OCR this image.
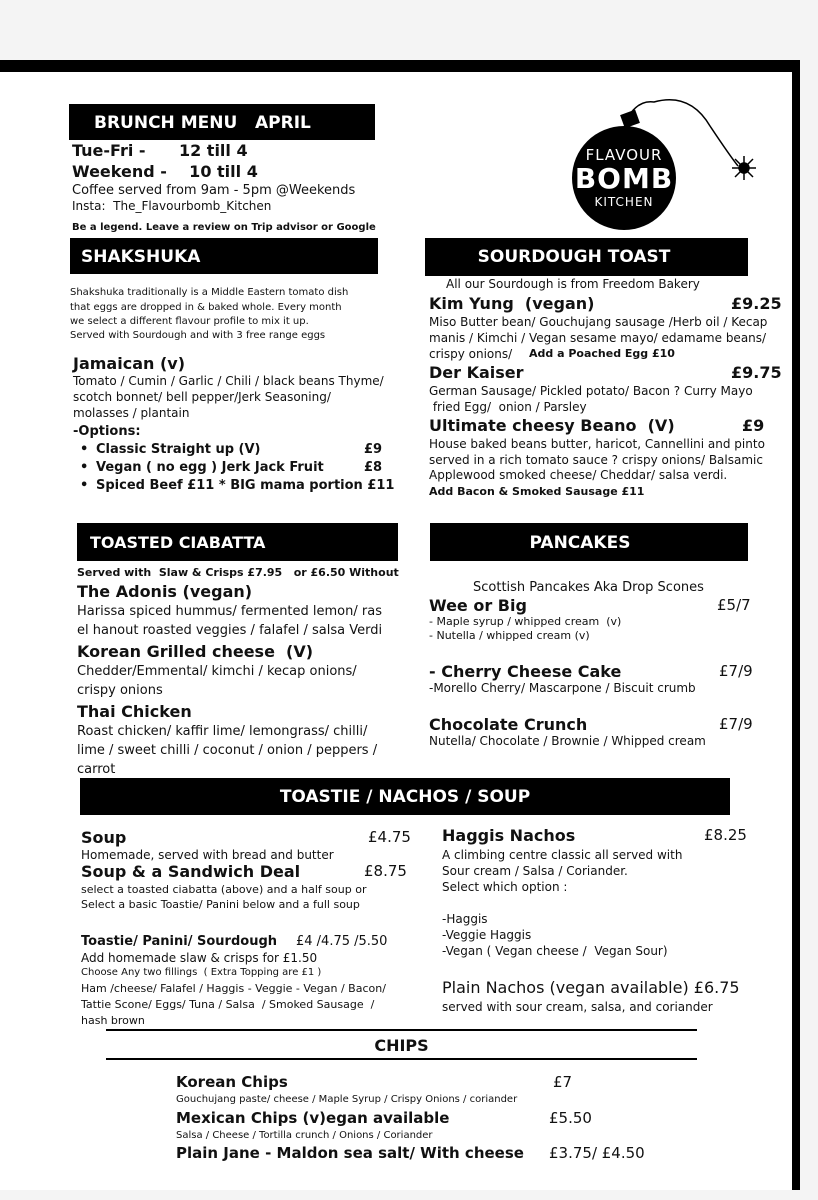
BRUNCH MENU   APRIL
Tue-Fri -      12 till 4
Weekend -    10 till 4
Coffee served from 9am - 5pm @Weekends
Insta:  The_Flavourbomb_Kitchen
Be a legend. Leave a review on Trip advisor or Google
FLAVOUR
BOMB
KITCHEN
SHAKSHUKA
Shakshuka traditionally is a Middle Eastern tomato dish
that eggs are dropped in & baked whole. Every month
we select a different flavour profile to mix it up.
Served with Sourdough and with 3 free range eggs
Jamaican (v)
Tomato / Cumin / Garlic / Chili / black beans Thyme/
scotch bonnet/ bell pepper/Jerk Seasoning/
molasses / plantain
-Options:
• Classic Straight up (V)	£9
• Vegan ( no egg ) Jerk Jack Fruit	£8
• Spiced Beef £11 * BIG mama portion £11
SOURDOUGH TOAST
All our Sourdough is from Freedom Bakery
Kim Yung  (vegan)	£9.25
Miso Butter bean/ Gouchujang sausage /Herb oil / Kecap
manis / Kimchi / Vegan sesame mayo/ edamame beans/
crispy onions/ Add a Poached Egg £10
Der Kaiser	£9.75
German Sausage/ Pickled potato/ Bacon ? Curry Mayo
fried Egg/  onion / Parsley
Ultimate cheesy Beano  (V)	£9
House baked beans butter, haricot, Cannellini and pinto
served in a rich tomato sauce ? crispy onions/ Balsamic
Applewood smoked cheese/ Cheddar/ salsa verdi.
Add Bacon & Smoked Sausage £11
TOASTED CIABATTA
Served with  Slaw & Crisps £7.95   or £6.50 Without
The Adonis (vegan)
Harissa spiced hummus/ fermented lemon/ ras
el hanout roasted veggies / falafel / salsa Verdi
Korean Grilled cheese  (V)
Chedder/Emmental/ kimchi / kecap onions/
crispy onions
Thai Chicken
Roast chicken/ kaffir lime/ lemongrass/ chilli/
lime / sweet chilli / coconut / onion / peppers /
carrot
PANCAKES
Scottish Pancakes Aka Drop Scones
Wee or Big	£5/7
- Maple syrup / whipped cream  (v)
- Nutella / whipped cream (v)
- Cherry Cheese Cake	£7/9
-Morello Cherry/ Mascarpone / Biscuit crumb
Chocolate Crunch	£7/9
Nutella/ Chocolate / Brownie / Whipped cream
TOASTIE / NACHOS / SOUP
Soup	£4.75
Homemade, served with bread and butter
Soup & a Sandwich Deal	£8.75
select a toasted ciabatta (above) and a half soup or
Select a basic Toastie/ Panini below and a full soup
Toastie/ Panini/ Sourdough £4 /4.75 /5.50
Add homemade slaw & crisps for £1.50
Choose Any two fillings  ( Extra Topping are £1 )
Ham /cheese/ Falafel / Haggis - Veggie - Vegan / Bacon/
Tattie Scone/ Eggs/ Tuna / Salsa  / Smoked Sausage  /
hash brown
Haggis Nachos	£8.25
A climbing centre classic all served with
Sour cream / Salsa / Coriander.
Select which option :
-Haggis
-Veggie Haggis
-Vegan ( Vegan cheese /  Vegan Sour)
Plain Nachos (vegan available) £6.75
served with sour cream, salsa, and coriander
CHIPS
Korean Chips	£7
Gouchujang paste/ cheese / Maple Syrup / Crispy Onions / coriander
Mexican Chips (v)egan available	£5.50
Salsa / Cheese / Tortilla crunch / Onions / Coriander
Plain Jane - Maldon sea salt/ With cheese £3.75/ £4.50
